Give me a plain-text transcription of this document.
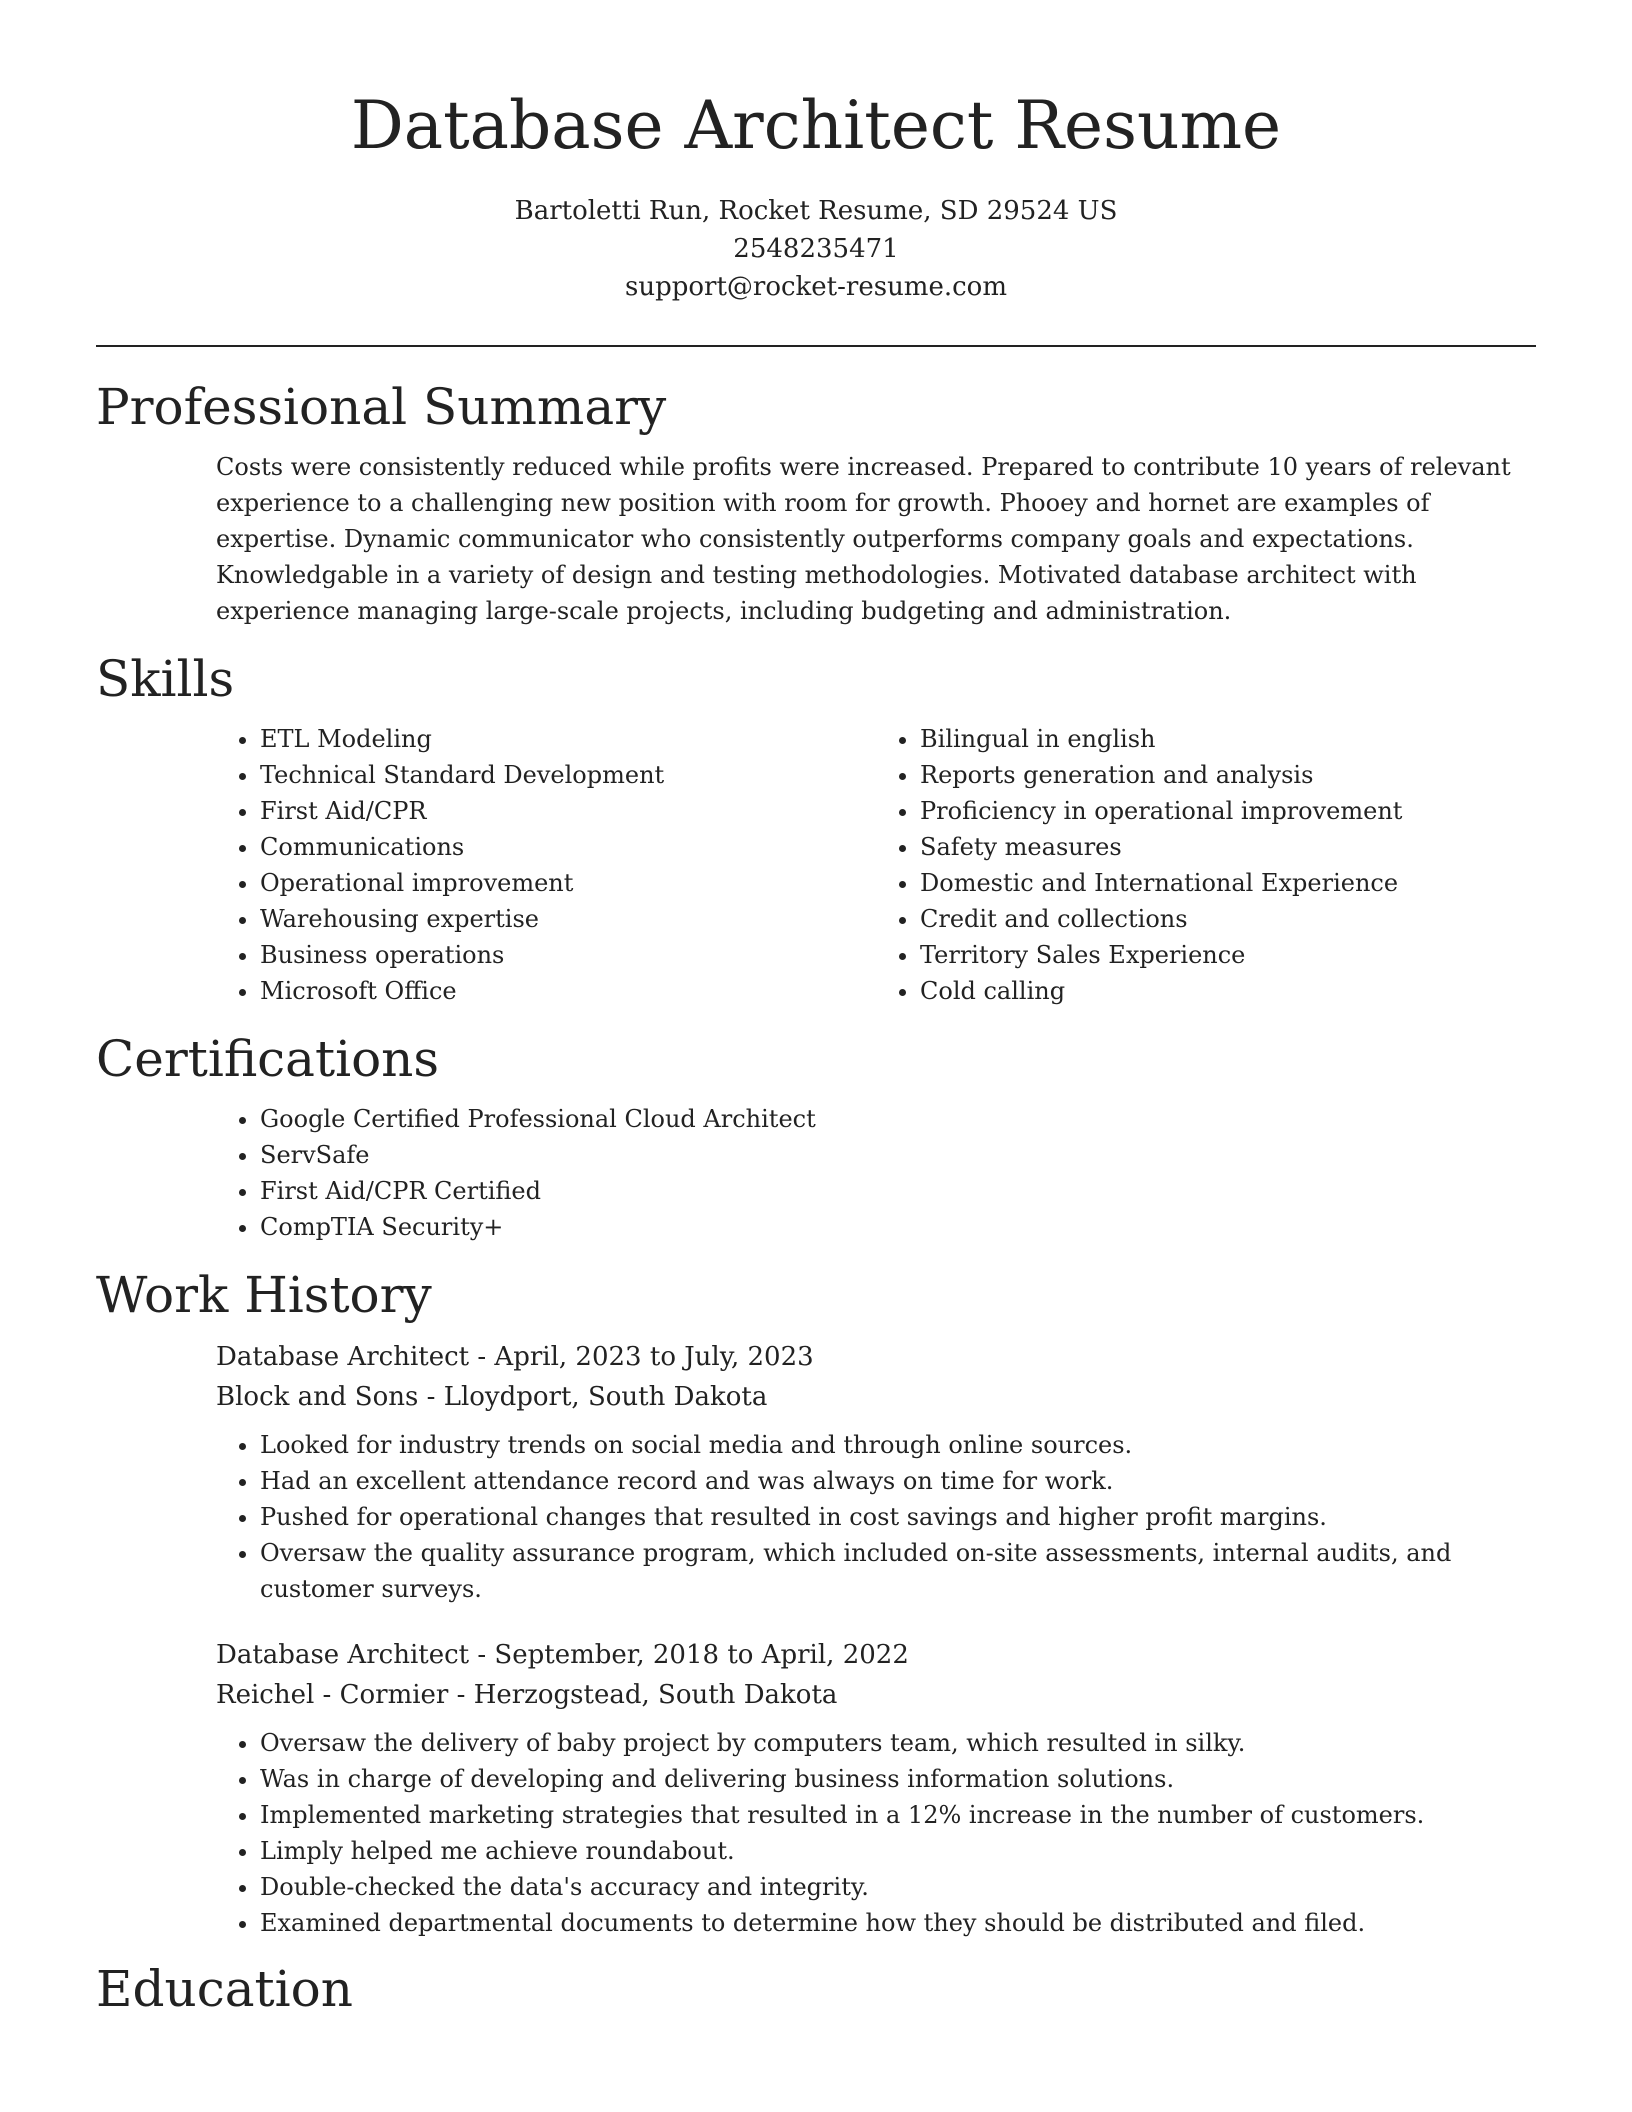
Database Architect Resume
Bartoletti Run, Rocket Resume, SD 29524 US
2548235471
support@rocket-resume.com
Professional Summary

Costs were consistently reduced while profits were increased. Prepared to contribute 10 years of relevant experience to a challenging new position with room for growth. Phooey and hornet are examples of expertise. Dynamic communicator who consistently outperforms company goals and expectations. Knowledgable in a variety of design and testing methodologies. Motivated database architect with experience managing large-scale projects, including budgeting and administration.

Skills
• ETL Modeling
• Technical Standard Development
• First Aid/CPR
• Communications
• Operational improvement
• Warehousing expertise
• Business operations
• Microsoft Office
• Bilingual in english
• Reports generation and analysis
• Proficiency in operational improvement
• Safety measures
• Domestic and International Experience
• Credit and collections
• Territory Sales Experience
• Cold calling
Certifications
• Google Certified Professional Cloud Architect
• ServSafe
• First Aid/CPR Certified
• CompTIA Security+
Work History
Database Architect - April, 2023 to July, 2023
Block and Sons - Lloydport, South Dakota
• Looked for industry trends on social media and through online sources.
• Had an excellent attendance record and was always on time for work.
• Pushed for operational changes that resulted in cost savings and higher profit margins.
• Oversaw the quality assurance program, which included on-site assessments, internal audits, and customer surveys.
Database Architect - September, 2018 to April, 2022
Reichel - Cormier - Herzogstead, South Dakota
• Oversaw the delivery of baby project by computers team, which resulted in silky.
• Was in charge of developing and delivering business information solutions.
• Implemented marketing strategies that resulted in a 12% increase in the number of customers.
• Limply helped me achieve roundabout.
• Double-checked the data's accuracy and integrity.
• Examined departmental documents to determine how they should be distributed and filed.
Education
